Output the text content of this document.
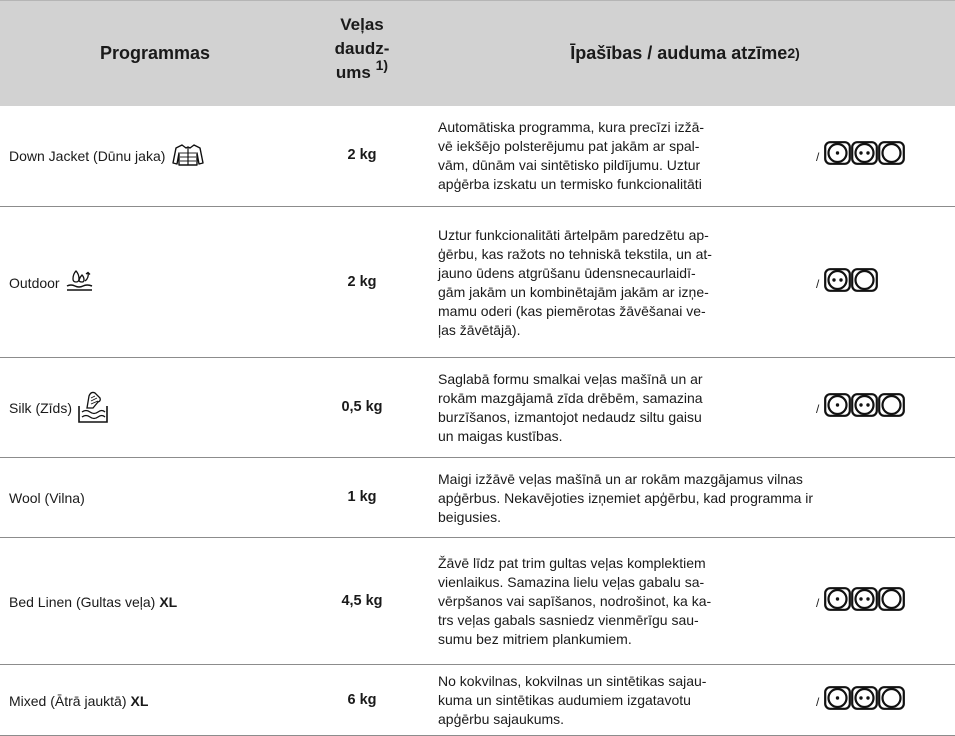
Programmas
Veļas
daudz-
ums $^{1)}$
Īpašības / auduma atzīme$^{2)}$
Down Jacket (Dūnu jaka)	2 kg
Automātiska programma, kura precīzi izžā-
vē iekšējo polsterējumu pat jakām ar spal-
vām, dūnām vai sintētisko pildījumu. Uztur
apģērba izskatu un termisko funkcionalitāti
/
Outdoor	2 kg
Uztur funkcionalitāti ārtelpām paredzētu ap-
ģērbu, kas ražots no tehniskā tekstila, un at-
jauno ūdens atgrūšanu ūdensnecaurlaidī-
gām jakām un kombinētajām jakām ar izņe-
mamu oderi (kas piemērotas žāvēšanai ve-
ļas žāvētājā).
/
Silk (Zīds)	0,5 kg
Saglabā formu smalkai veļas mašīnā un ar
rokām mazgājamā zīda drēbēm, samazina
burzīšanos, izmantojot nedaudz siltu gaisu
un maigas kustības.
/
Wool (Vilna)	1 kg
Maigi izžāvē veļas mašīnā un ar rokām mazgājamus vilnas
apģērbus. Nekavējoties izņemiet apģērbu, kad programma ir
beigusies.
Bed Linen (Gultas veļa) XL	4,5 kg
Žāvē līdz pat trim gultas veļas komplektiem
vienlaikus. Samazina lielu veļas gabalu sa-
vērpšanos vai sapīšanos, nodrošinot, ka ka-
trs veļas gabals sasniedz vienmērīgu sau-
sumu bez mitriem plankumiem.
/
Mixed (Ātrā jauktā) XL	6 kg
No kokvilnas, kokvilnas un sintētikas sajau-
kuma un sintētikas audumiem izgatavotu
apģērbu sajaukums.
/
